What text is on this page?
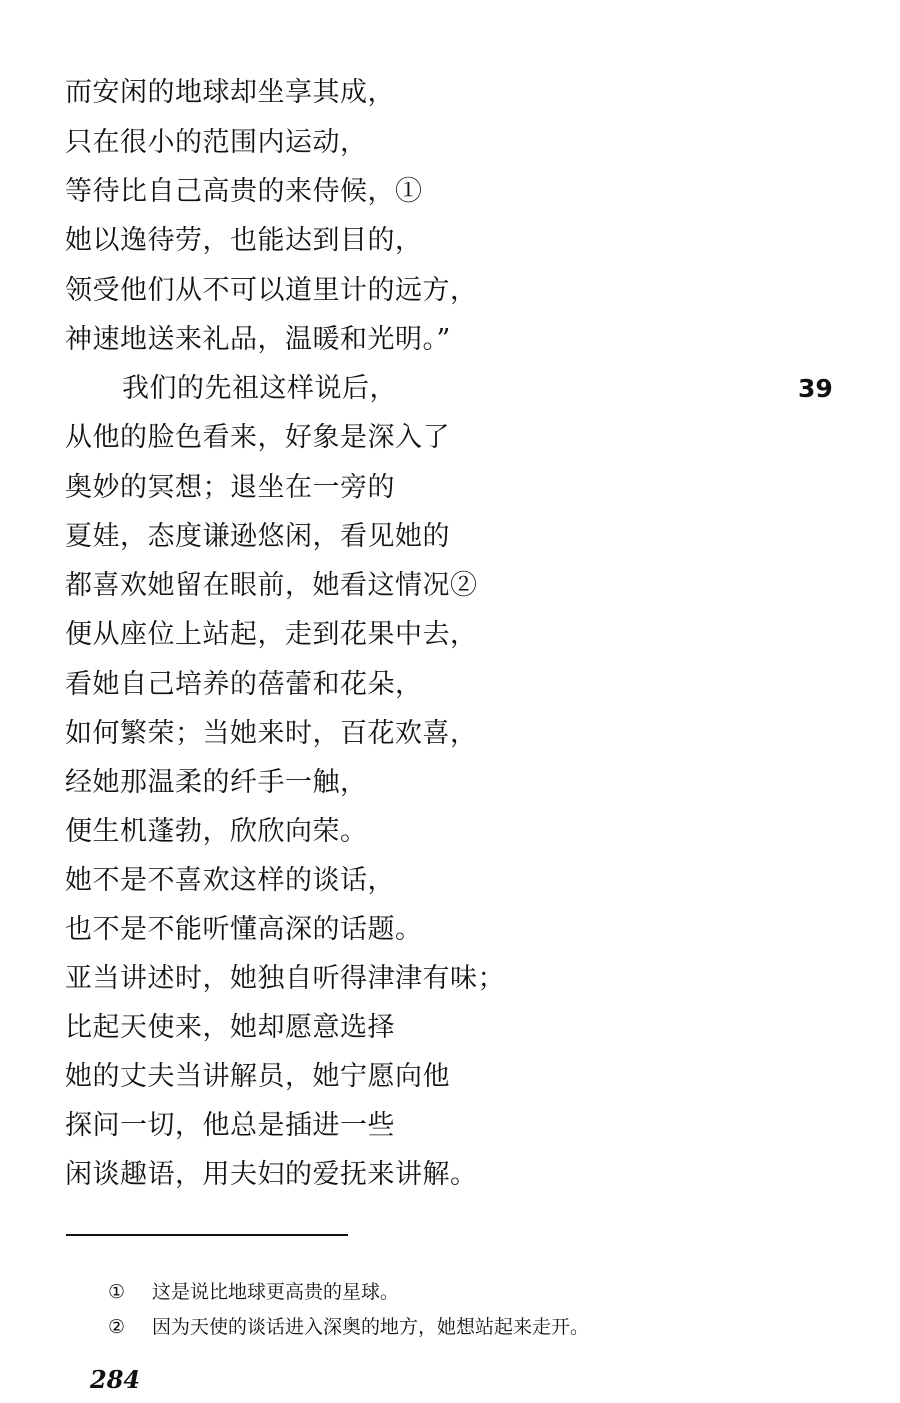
而安闲的地球却坐享其成，
只在很小的范围内运动，
等待比自己高贵的来侍候，①
她以逸待劳，也能达到目的，
领受他们从不可以道里计的远方，
神速地送来礼品，温暖和光明。”
我们的先祖这样说后，
从他的脸色看来，好象是深入了
奥妙的冥想；退坐在一旁的
夏娃，态度谦逊悠闲，看见她的
都喜欢她留在眼前，她看这情况②
便从座位上站起，走到花果中去，
看她自己培养的蓓蕾和花朵，
如何繁荣；当她来时，百花欢喜，
经她那温柔的纤手一触，
便生机蓬勃，欣欣向荣。
她不是不喜欢这样的谈话，
也不是不能听懂高深的话题。
亚当讲述时，她独自听得津津有味；
比起天使来，她却愿意选择
她的丈夫当讲解员，她宁愿向他
探问一切，他总是插进一些
闲谈趣语，用夫妇的爱抚来讲解。
39
① 这是说比地球更高贵的星球。
② 因为天使的谈话进入深奥的地方，她想站起来走开。
284
